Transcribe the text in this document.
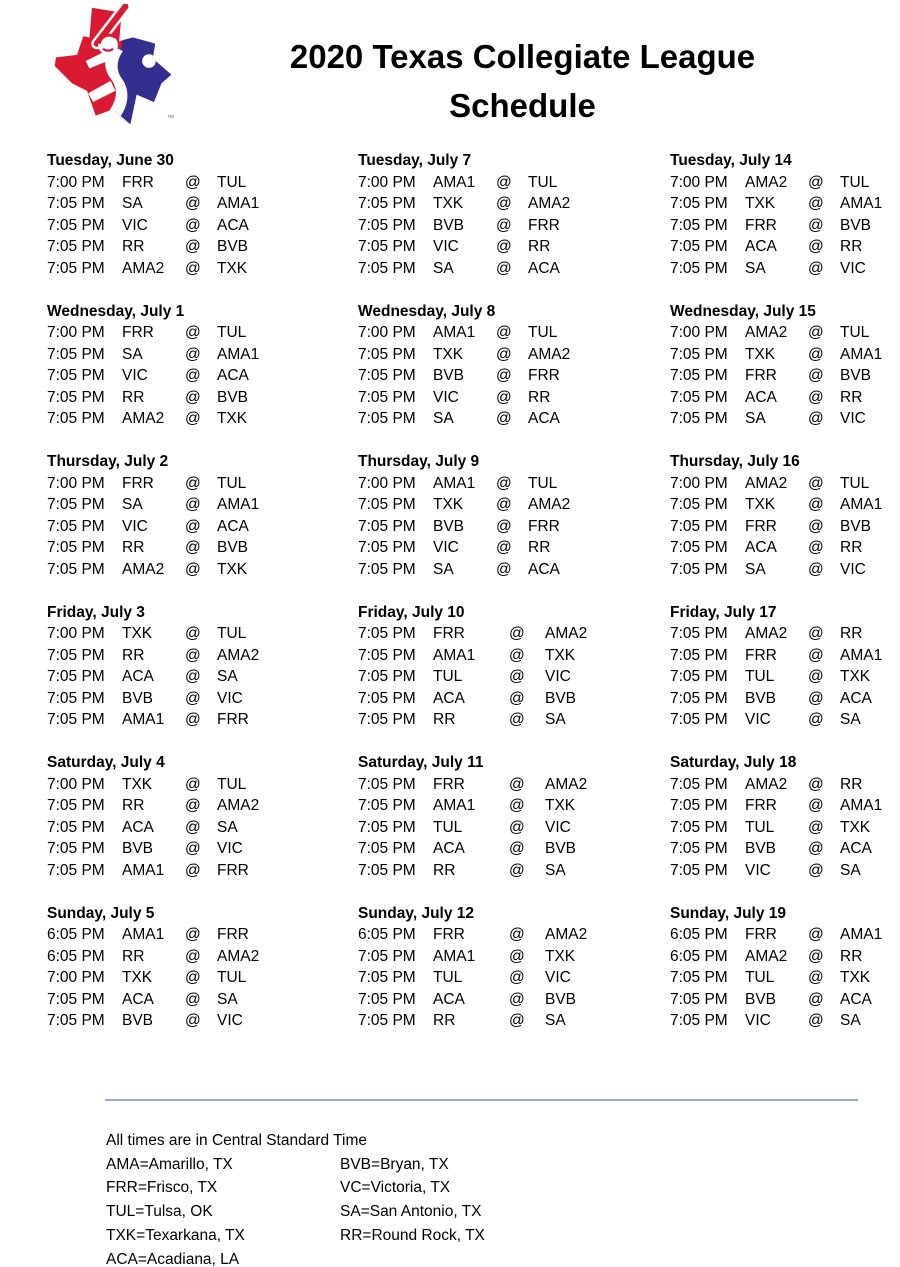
™
2020 Texas Collegiate League
Schedule
Tuesday, June 30
7:00 PM	FRR	@	TUL
7:05 PM	SA	@	AMA1
7:05 PM	VIC	@	ACA
7:05 PM	RR	@	BVB
7:05 PM	AMA2	@	TXK
Wednesday, July 1
7:00 PM	FRR	@	TUL
7:05 PM	SA	@	AMA1
7:05 PM	VIC	@	ACA
7:05 PM	RR	@	BVB
7:05 PM	AMA2	@	TXK
Thursday, July 2
7:00 PM	FRR	@	TUL
7:05 PM	SA	@	AMA1
7:05 PM	VIC	@	ACA
7:05 PM	RR	@	BVB
7:05 PM	AMA2	@	TXK
Friday, July 3
7:00 PM	TXK	@	TUL
7:05 PM	RR	@	AMA2
7:05 PM	ACA	@	SA
7:05 PM	BVB	@	VIC
7:05 PM	AMA1	@	FRR
Saturday, July 4
7:00 PM	TXK	@	TUL
7:05 PM	RR	@	AMA2
7:05 PM	ACA	@	SA
7:05 PM	BVB	@	VIC
7:05 PM	AMA1	@	FRR
Sunday, July 5
6:05 PM	AMA1	@	FRR
6:05 PM	RR	@	AMA2
7:00 PM	TXK	@	TUL
7:05 PM	ACA	@	SA
7:05 PM	BVB	@	VIC
Tuesday, July 7
7:00 PM	AMA1	@	TUL
7:05 PM	TXK	@	AMA2
7:05 PM	BVB	@	FRR
7:05 PM	VIC	@	RR
7:05 PM	SA	@	ACA
Wednesday, July 8
7:00 PM	AMA1	@	TUL
7:05 PM	TXK	@	AMA2
7:05 PM	BVB	@	FRR
7:05 PM	VIC	@	RR
7:05 PM	SA	@	ACA
Thursday, July 9
7:00 PM	AMA1	@	TUL
7:05 PM	TXK	@	AMA2
7:05 PM	BVB	@	FRR
7:05 PM	VIC	@	RR
7:05 PM	SA	@	ACA
Friday, July 10
7:05 PM	FRR	@	AMA2
7:05 PM	AMA1	@	TXK
7:05 PM	TUL	@	VIC
7:05 PM	ACA	@	BVB
7:05 PM	RR	@	SA
Saturday, July 11
7:05 PM	FRR	@	AMA2
7:05 PM	AMA1	@	TXK
7:05 PM	TUL	@	VIC
7:05 PM	ACA	@	BVB
7:05 PM	RR	@	SA
Sunday, July 12
6:05 PM	FRR	@	AMA2
7:05 PM	AMA1	@	TXK
7:05 PM	TUL	@	VIC
7:05 PM	ACA	@	BVB
7:05 PM	RR	@	SA
Tuesday, July 14
7:00 PM	AMA2	@	TUL
7:05 PM	TXK	@	AMA1
7:05 PM	FRR	@	BVB
7:05 PM	ACA	@	RR
7:05 PM	SA	@	VIC
Wednesday, July 15
7:00 PM	AMA2	@	TUL
7:05 PM	TXK	@	AMA1
7:05 PM	FRR	@	BVB
7:05 PM	ACA	@	RR
7:05 PM	SA	@	VIC
Thursday, July 16
7:00 PM	AMA2	@	TUL
7:05 PM	TXK	@	AMA1
7:05 PM	FRR	@	BVB
7:05 PM	ACA	@	RR
7:05 PM	SA	@	VIC
Friday, July 17
7:05 PM	AMA2	@	RR
7:05 PM	FRR	@	AMA1
7:05 PM	TUL	@	TXK
7:05 PM	BVB	@	ACA
7:05 PM	VIC	@	SA
Saturday, July 18
7:05 PM	AMA2	@	RR
7:05 PM	FRR	@	AMA1
7:05 PM	TUL	@	TXK
7:05 PM	BVB	@	ACA
7:05 PM	VIC	@	SA
Sunday, July 19
6:05 PM	FRR	@	AMA1
6:05 PM	AMA2	@	RR
7:05 PM	TUL	@	TXK
7:05 PM	BVB	@	ACA
7:05 PM	VIC	@	SA
All times are in Central Standard Time
AMA=Amarillo, TX	BVB=Bryan, TX
FRR=Frisco, TX	VC=Victoria, TX
TUL=Tulsa, OK	SA=San Antonio, TX
TXK=Texarkana, TX	RR=Round Rock, TX
ACA=Acadiana, LA
